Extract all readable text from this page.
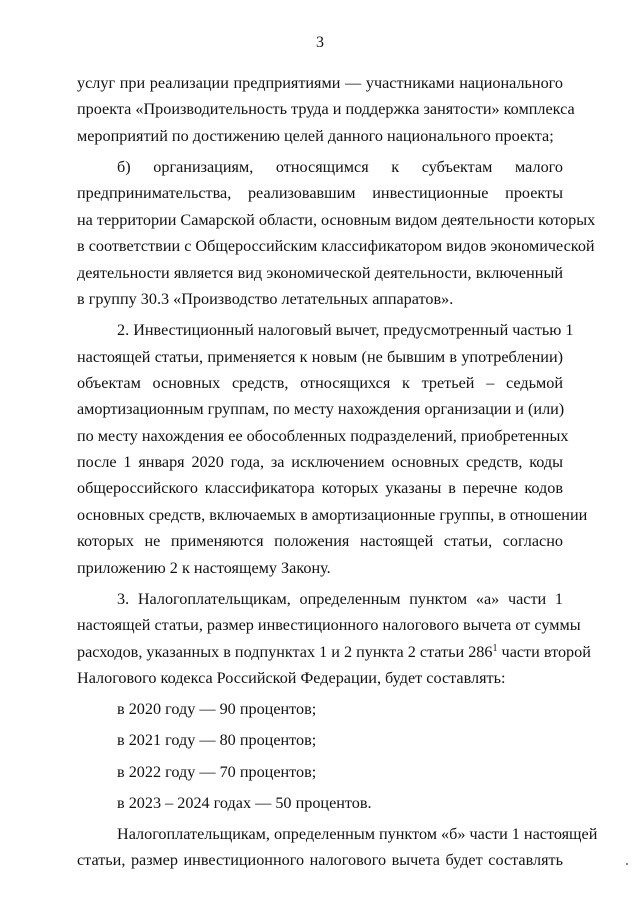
3
услуг при реализации предприятиями — участниками национального
проекта «Производительность труда и поддержка занятости» комплекса
мероприятий по достижению целей данного национального проекта;
б) организациям, относящимся к субъектам малого
предпринимательства, реализовавшим инвестиционные проекты
на территории Самарской области, основным видом деятельности которых
в соответствии с Общероссийским классификатором видов экономической
деятельности является вид экономической деятельности, включенный
в группу 30.3 «Производство летательных аппаратов».
2. Инвестиционный налоговый вычет, предусмотренный частью 1
настоящей статьи, применяется к новым (не бывшим в употреблении)
объектам основных средств, относящихся к третьей – седьмой
амортизационным группам, по месту нахождения организации и (или)
по месту нахождения ее обособленных подразделений, приобретенных
после 1 января 2020 года, за исключением основных средств, коды
общероссийского классификатора которых указаны в перечне кодов
основных средств, включаемых в амортизационные группы, в отношении
которых не применяются положения настоящей статьи, согласно
приложению 2 к настоящему Закону.
3. Налогоплательщикам, определенным пунктом «а» части 1
настоящей статьи, размер инвестиционного налогового вычета от суммы
расходов, указанных в подпунктах 1 и 2 пункта 2 статьи $286^1$ части второй
Налогового кодекса Российской Федерации, будет составлять:
в 2020 году — 90 процентов;
в 2021 году — 80 процентов;
в 2022 году — 70 процентов;
в 2023 – 2024 годах — 50 процентов.
Налогоплательщикам, определенным пунктом «б» части 1 настоящей
статьи, размер инвестиционного налогового вычета будет составлять
